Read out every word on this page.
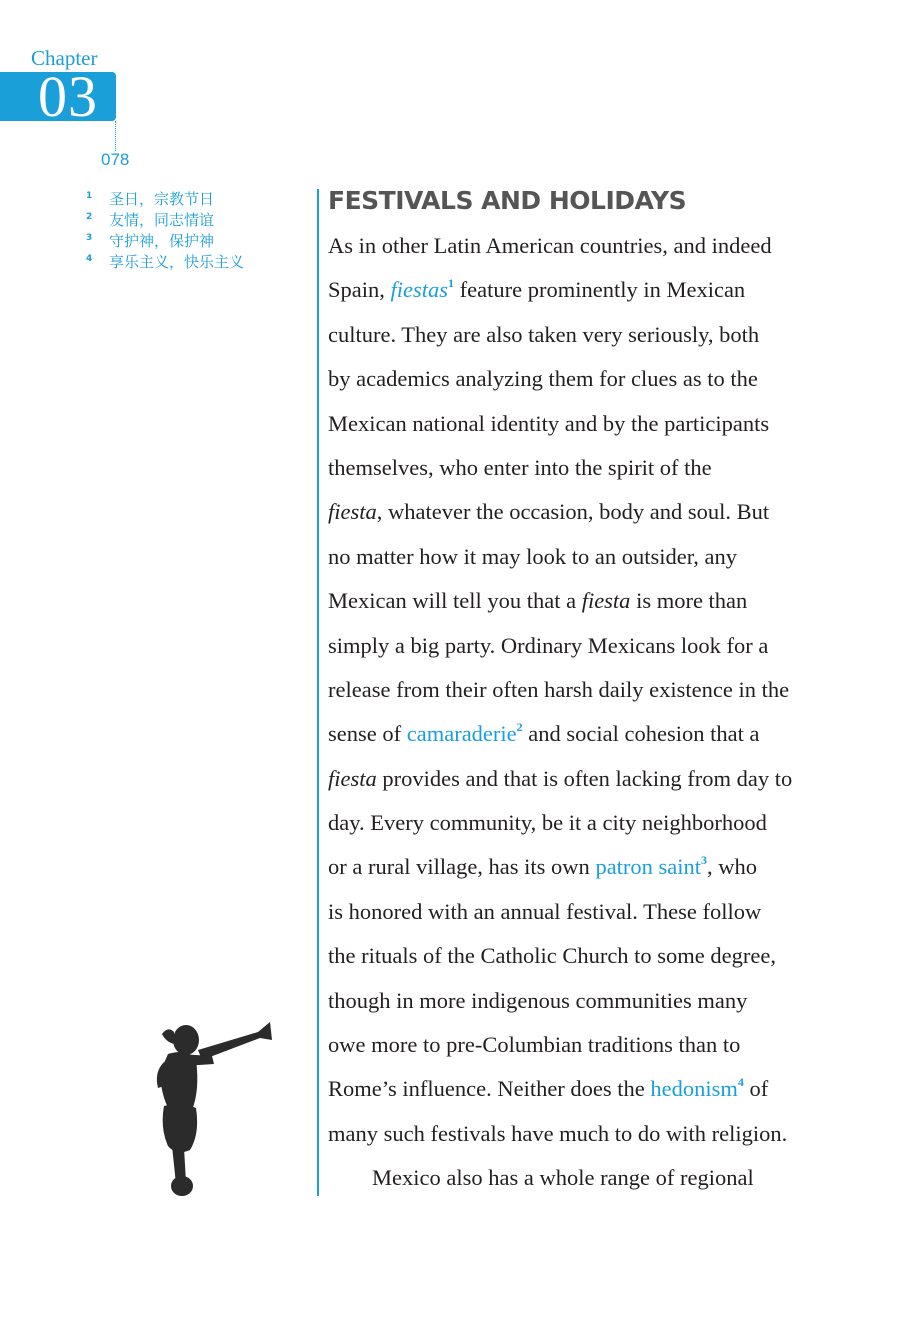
Chapter
03
078
1	圣日，宗教节日
2	友情，同志情谊
3	守护神，保护神
4	享乐主义，快乐主义
FESTIVALS AND HOLIDAYS
As in other Latin American countries, and indeed
Spain, fiestas$^1$ feature prominently in Mexican
culture. They are also taken very seriously, both
by academics analyzing them for clues as to the
Mexican national identity and by the participants
themselves, who enter into the spirit of the
fiesta, whatever the occasion, body and soul. But
no matter how it may look to an outsider, any
Mexican will tell you that a fiesta is more than
simply a big party. Ordinary Mexicans look for a
release from their often harsh daily existence in the
sense of camaraderie$^2$ and social cohesion that a
fiesta provides and that is often lacking from day to
day. Every community, be it a city neighborhood
or a rural village, has its own patron saint$^3$, who
is honored with an annual festival. These follow
the rituals of the Catholic Church to some degree,
though in more indigenous communities many
owe more to pre-Columbian traditions than to
Rome’s influence. Neither does the hedonism$^4$ of
many such festivals have much to do with religion.
Mexico also has a whole range of regional
